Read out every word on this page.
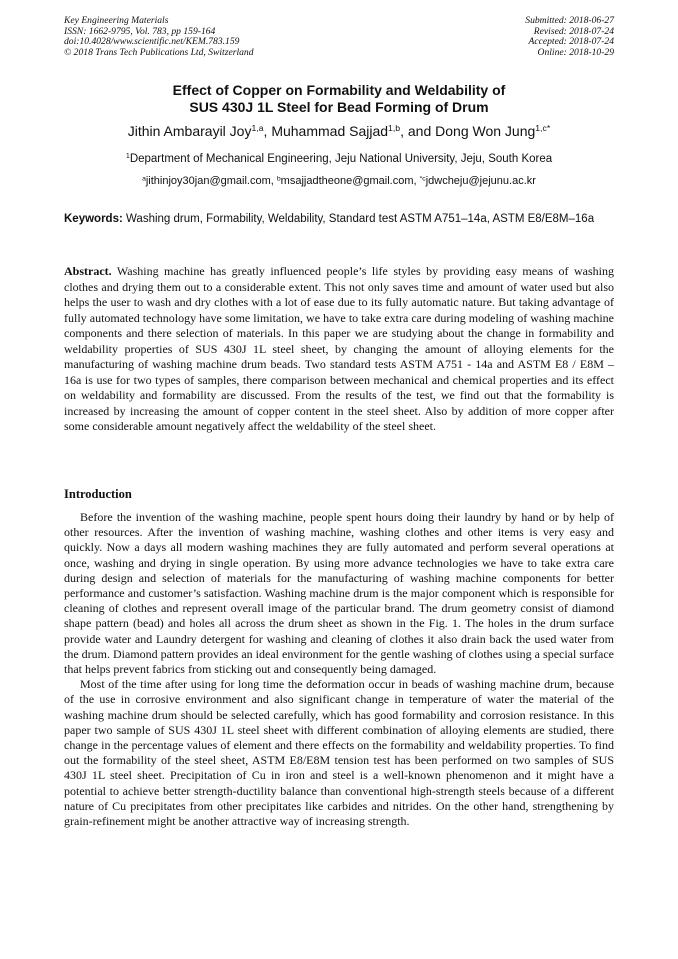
Key Engineering Materials
ISSN: 1662-9795, Vol. 783, pp 159-164
doi:10.4028/www.scientific.net/KEM.783.159
© 2018 Trans Tech Publications Ltd, Switzerland
Submitted: 2018-06-27
Revised: 2018-07-24
Accepted: 2018-07-24
Online: 2018-10-29
Effect of Copper on Formability and Weldability of
SUS 430J 1L Steel for Bead Forming of Drum
Jithin Ambarayil Joy$^{1,a}$, Muhammad Sajjad$^{1,b}$, and Dong Won Jung$^{1,c*}$
$^1$Department of Mechanical Engineering, Jeju National University, Jeju, South Korea
$^a$jithinjoy30jan@gmail.com, $^b$msajjadtheone@gmail.com, $^{*c}$jdwcheju@jejunu.ac.kr
Keywords: Washing drum, Formability, Weldability, Standard test ASTM A751–14a, ASTM E8/E8M–16a
Abstract. Washing machine has greatly influenced people’s life styles by providing easy means of washing clothes and drying them out to a considerable extent. This not only saves time and amount of water used but also helps the user to wash and dry clothes with a lot of ease due to its fully automatic nature. But taking advantage of fully automated technology have some limitation, we have to take extra care during modeling of washing machine components and there selection of materials. In this paper we are studying about the change in formability and weldability properties of SUS 430J 1L steel sheet, by changing the amount of alloying elements for the manufacturing of washing machine drum beads. Two standard tests ASTM A751 - 14a and ASTM E8 / E8M – 16a is use for two types of samples, there comparison between mechanical and chemical properties and its effect on weldability and formability are discussed. From the results of the test, we find out that the formability is increased by increasing the amount of copper content in the steel sheet. Also by addition of more copper after some considerable amount negatively affect the weldability of the steel sheet.
Introduction

Before the invention of the washing machine, people spent hours doing their laundry by hand or by help of other resources. After the invention of washing machine, washing clothes and other items is very easy and quickly. Now a days all modern washing machines they are fully automated and perform several operations at once, washing and drying in single operation. By using more advance technologies we have to take extra care during design and selection of materials for the manufacturing of washing machine components for better performance and customer’s satisfaction. Washing machine drum is the major component which is responsible for cleaning of clothes and represent overall image of the particular brand. The drum geometry consist of diamond shape pattern (bead) and holes all across the drum sheet as shown in the Fig. 1. The holes in the drum surface provide water and Laundry detergent for washing and cleaning of clothes it also drain back the used water from the drum. Diamond pattern provides an ideal environment for the gentle washing of clothes using a special surface that helps prevent fabrics from sticking out and consequently being damaged.

Most of the time after using for long time the deformation occur in beads of washing machine drum, because of the use in corrosive environment and also significant change in temperature of water the material of the washing machine drum should be selected carefully, which has good formability and corrosion resistance. In this paper two sample of SUS 430J 1L steel sheet with different combination of alloying elements are studied, there change in the percentage values of element and there effects on the formability and weldability properties. To find out the formability of the steel sheet, ASTM E8/E8M tension test has been performed on two samples of SUS 430J 1L steel sheet. Precipitation of Cu in iron and steel is a well-known phenomenon and it might have a potential to achieve better strength-ductility balance than conventional high-strength steels because of a different nature of Cu precipitates from other precipitates like carbides and nitrides. On the other hand, strengthening by grain-refinement might be another attractive way of increasing strength.
